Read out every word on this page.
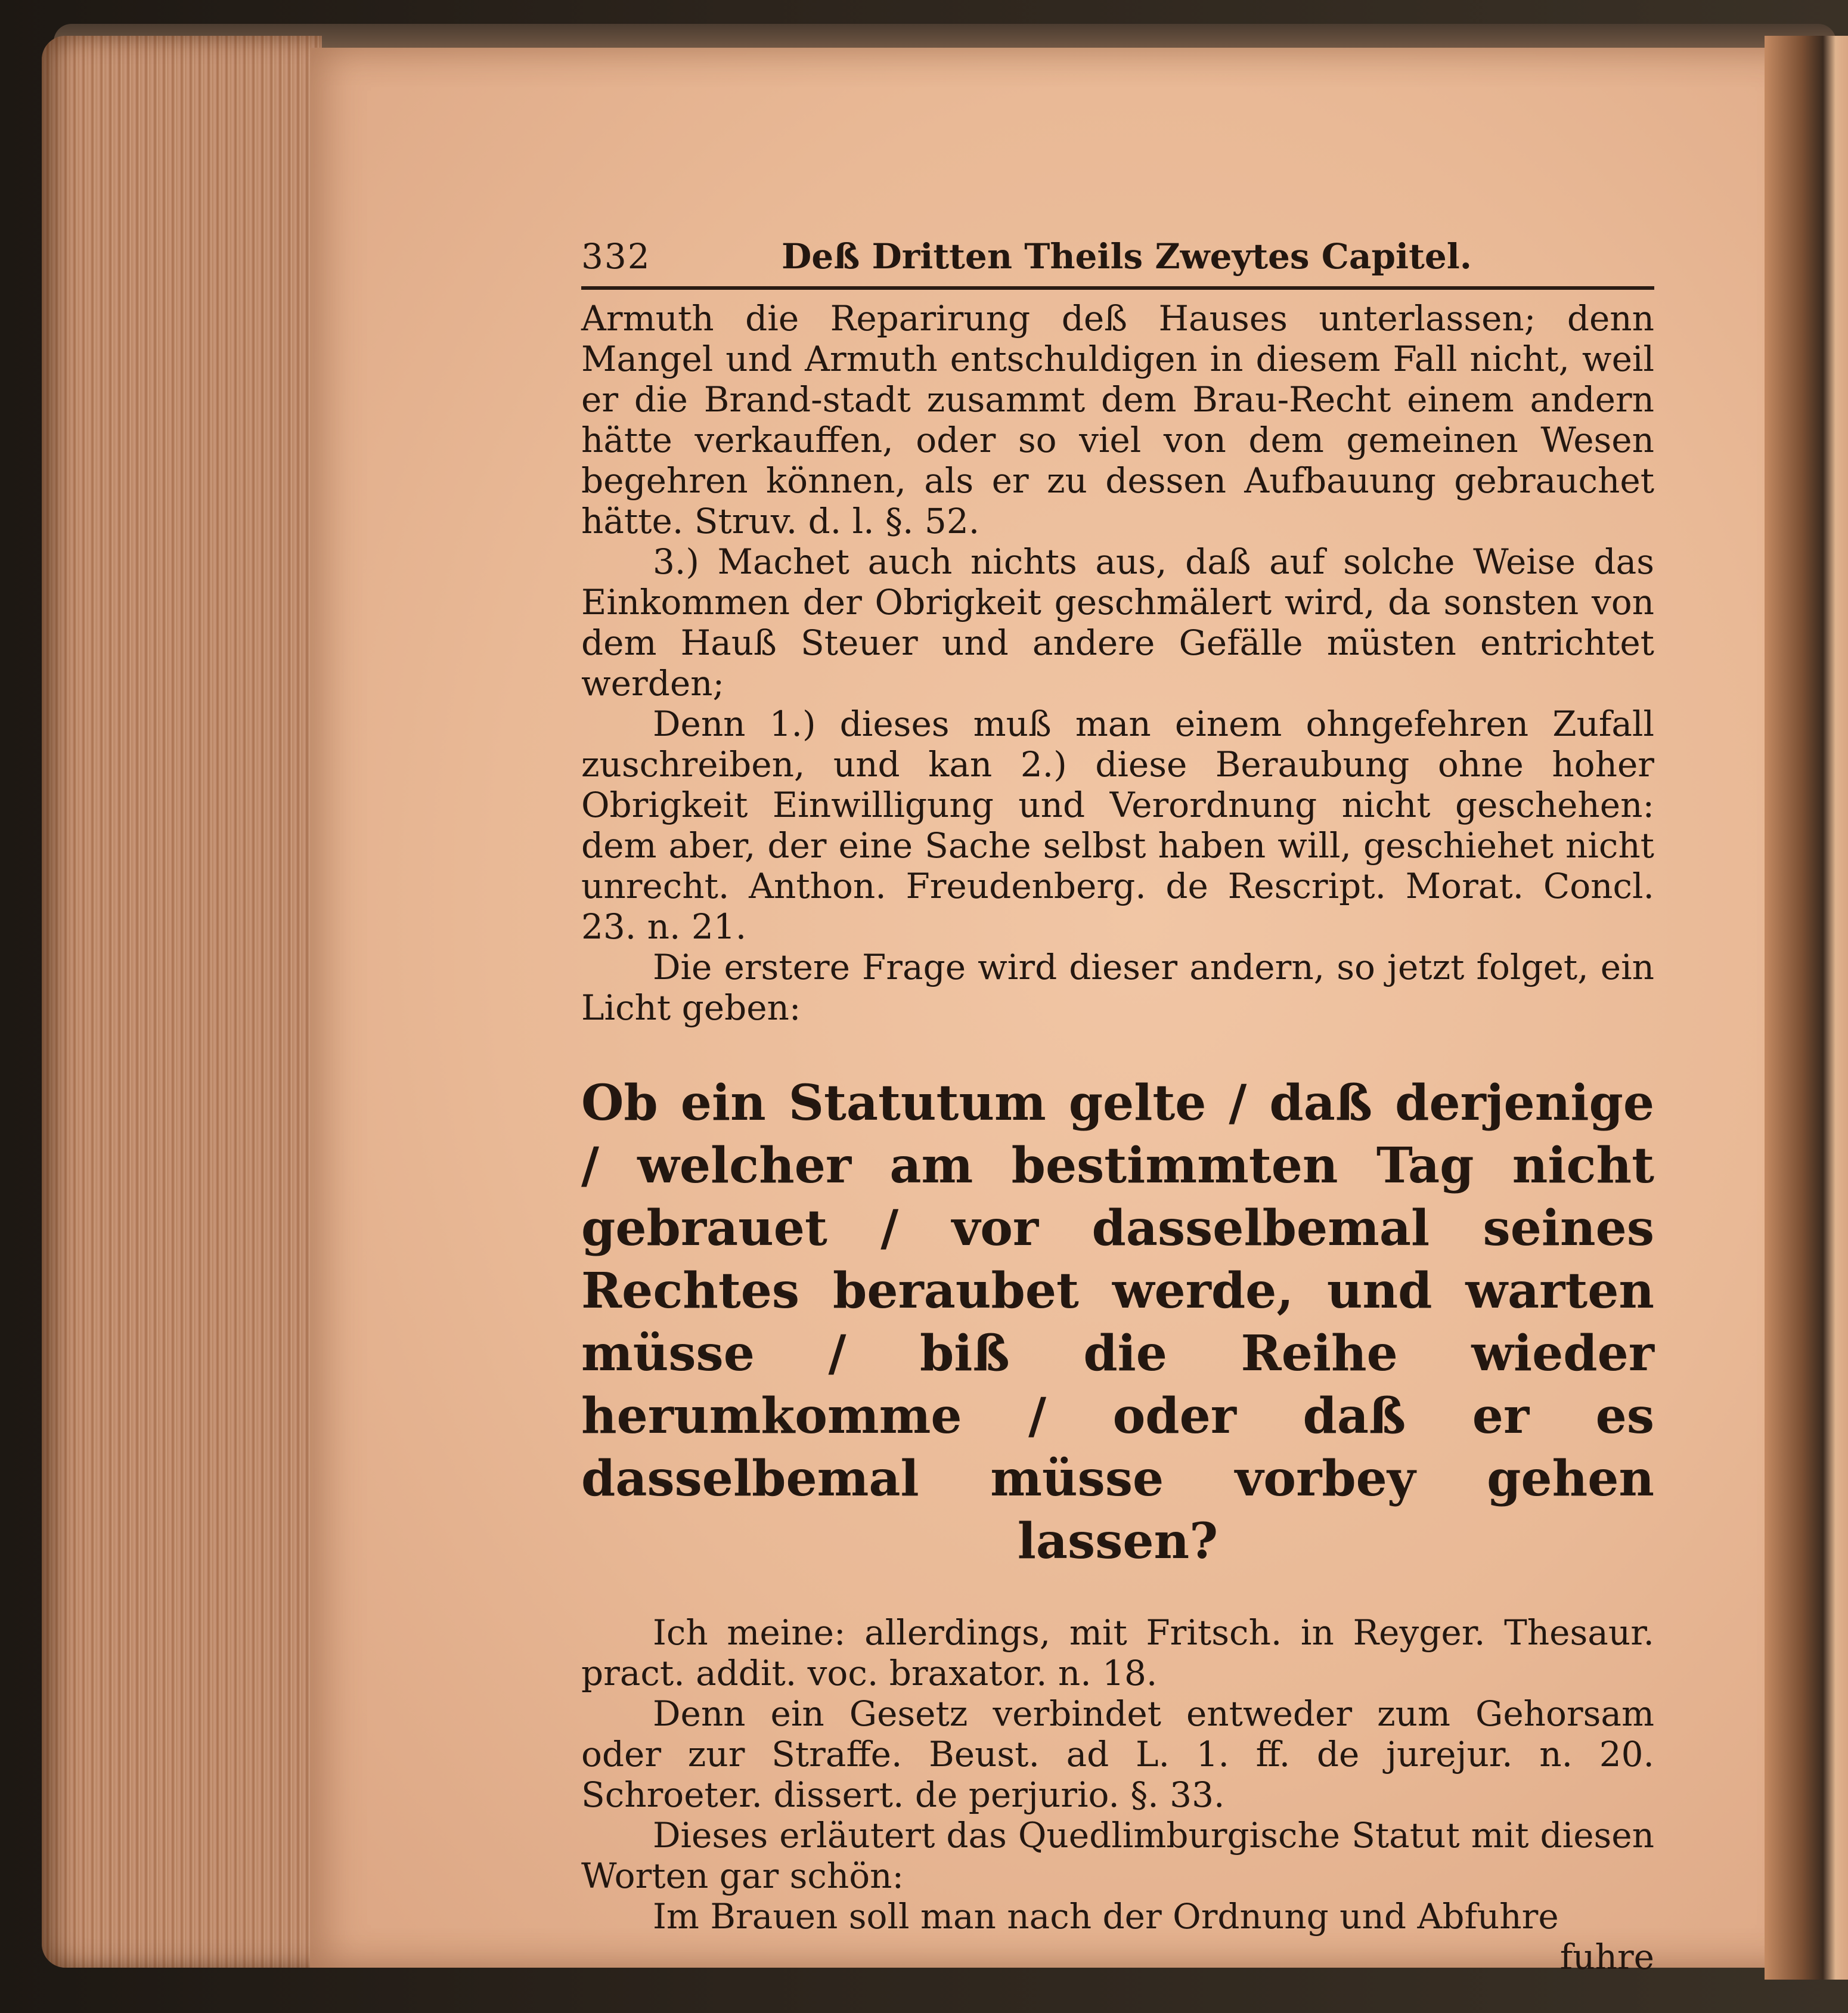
332	Deß Dritten Theils Zweytes Capitel.

Armuth die Reparirung deß Hauses unterlassen; denn Mangel und Armuth entschuldigen in diesem Fall nicht, weil er die Brand-stadt zusammt dem Brau-Recht einem andern hätte verkauffen, oder so viel von dem gemeinen Wesen begehren können, als er zu dessen Aufbauung gebrauchet hätte. Struv. d. l. §. 52.

3.) Machet auch nichts aus, daß auf solche Weise das Einkommen der Obrigkeit geschmälert wird, da sonsten von dem Hauß Steuer und andere Gefälle müsten entrichtet werden;

Denn 1.) dieses muß man einem ohngefehren Zufall zuschreiben, und kan 2.) diese Beraubung ohne hoher Obrigkeit Einwilligung und Verordnung nicht geschehen: dem aber, der eine Sache selbst haben will, geschiehet nicht unrecht. Anthon. Freudenberg. de Rescript. Morat. Concl. 23. n. 21.

Die erstere Frage wird dieser andern, so jetzt folget, ein Licht geben:

Ob ein Statutum gelte / daß derjenige / welcher am bestimmten Tag nicht gebrauet / vor dasselbemal seines Rechtes beraubet werde, und warten müsse / biß die Reihe wieder herumkomme / oder daß er es dasselbemal müsse vorbey gehen lassen?

Ich meine: allerdings, mit Fritsch. in Reyger. Thesaur. pract. addit. voc. braxator. n. 18.

Denn ein Gesetz verbindet entweder zum Gehorsam oder zur Straffe. Beust. ad L. 1. ff. de jurejur. n. 20. Schroeter. dissert. de perjurio. §. 33.

Dieses erläutert das Quedlimburgische Statut mit diesen Worten gar schön:

Im Brauen soll man nach der Ordnung und Abfuhre

fuhre
